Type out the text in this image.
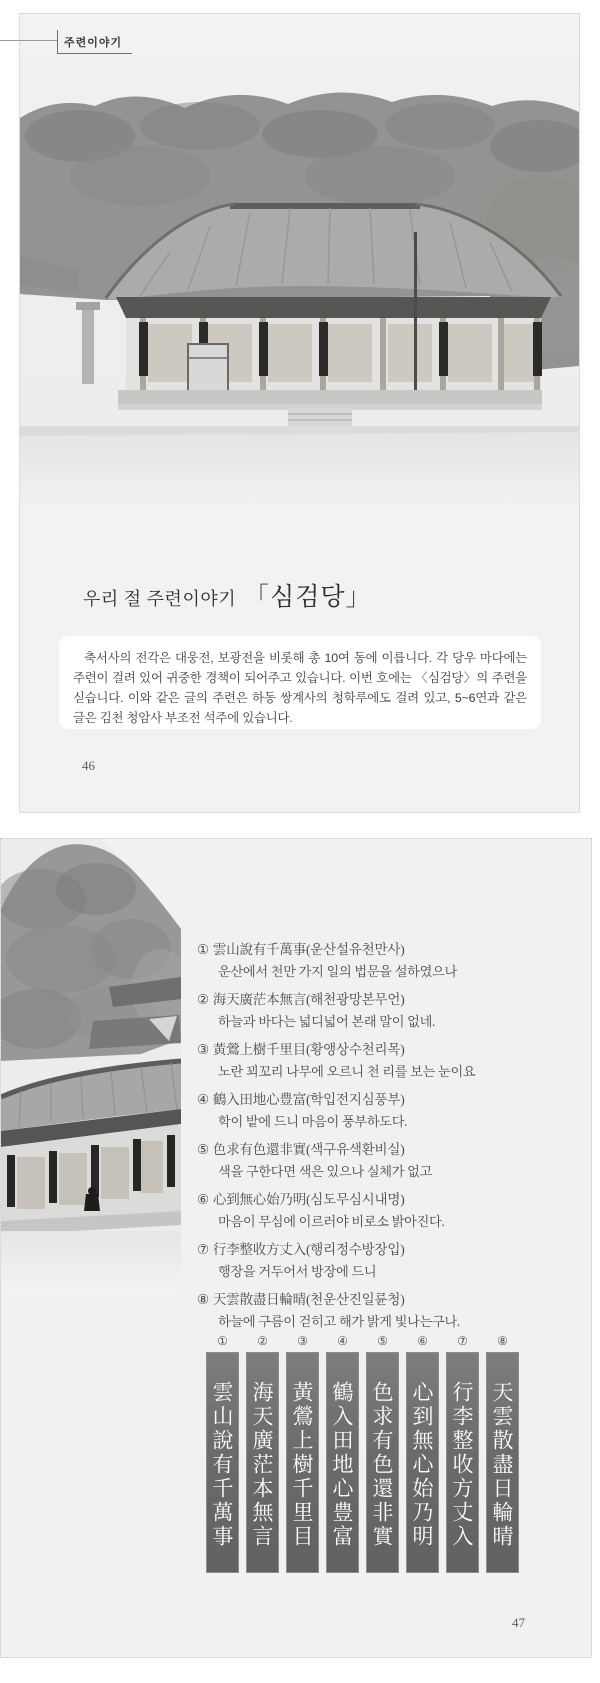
우리 절 주련이야기 「심검당」

축서사의 전각은 대웅전, 보광전을 비롯해 총 10여 동에 이릅니다. 각 당우 마다에는 주련이 걸려 있어 귀중한 경책이 되어주고 있습니다. 이번 호에는 〈심검당〉의 주련을 싣습니다. 이와 같은 글의 주련은 하동 쌍계사의 청학루에도 걸려 있고, 5~6연과 같은 글은 김천 청암사 부조전 석주에 있습니다.

46
주련이야기
① 雲山說有千萬事(운산설유천만사)
운산에서 천만 가지 일의 법문을 설하였으나
② 海天廣茫本無言(해천광망본무언)
하늘과 바다는 넓디넓어 본래 말이 없네.
③ 黃鶯上樹千里目(황앵상수천리목)
노란 꾀꼬리 나무에 오르니 천 리를 보는 눈이요
④ 鶴入田地心豊富(학입전지심풍부)
학이 밭에 드니 마음이 풍부하도다.
⑤ 色求有色還非實(색구유색환비실)
색을 구한다면 색은 있으나 실체가 없고
⑥ 心到無心始乃明(심도무심시내명)
마음이 무심에 이르러야 비로소 밝아진다.
⑦ 行李整收方丈入(행리정수방장입)
행장을 거두어서 방장에 드니
⑧ 天雲散盡日輪晴(천운산진일륜청)
하늘에 구름이 걷히고 해가 밝게 빛나는구나.
①
雲山說有千萬事
②
海天廣茫本無言
③
黃鶯上樹千里目
④
鶴入田地心豊富
⑤
色求有色還非實
⑥
心到無心始乃明
⑦
行李整收方丈入
⑧
天雲散盡日輪晴
47
